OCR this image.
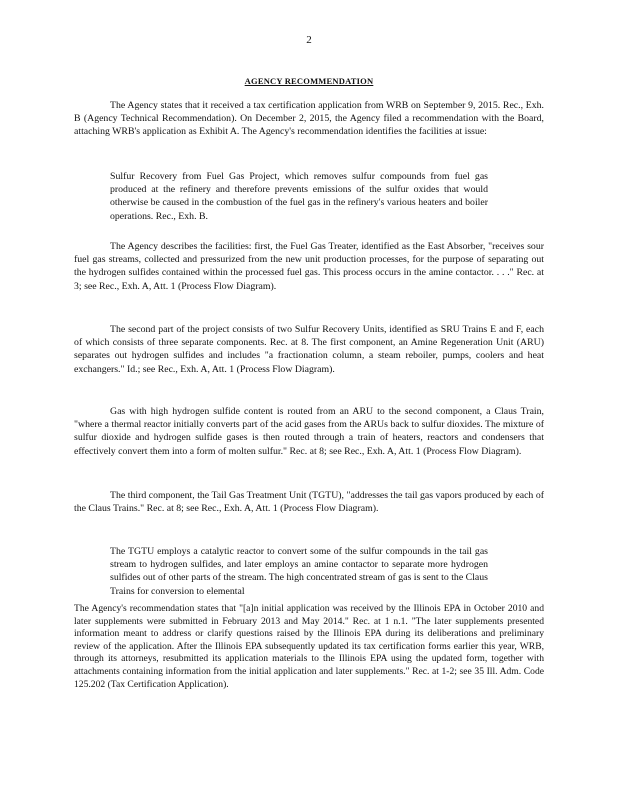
2
AGENCY RECOMMENDATION

The Agency states that it received a tax certification application from WRB on September 9, 2015. Rec., Exh. B (Agency Technical Recommendation). On December 2, 2015, the Agency filed a recommendation with the Board, attaching WRB's application as Exhibit A. The Agency's recommendation identifies the facilities at issue:

Sulfur Recovery from Fuel Gas Project, which removes sulfur compounds from fuel gas produced at the refinery and therefore prevents emissions of the sulfur oxides that would otherwise be caused in the combustion of the fuel gas in the refinery's various heaters and boiler operations. Rec., Exh. B.

The Agency describes the facilities: first, the Fuel Gas Treater, identified as the East Absorber, "receives sour fuel gas streams, collected and pressurized from the new unit production processes, for the purpose of separating out the hydrogen sulfides contained within the processed fuel gas. This process occurs in the amine contactor. . . ." Rec. at 3; see Rec., Exh. A, Att. 1 (Process Flow Diagram).

The second part of the project consists of two Sulfur Recovery Units, identified as SRU Trains E and F, each of which consists of three separate components. Rec. at 8. The first component, an Amine Regeneration Unit (ARU) separates out hydrogen sulfides and includes "a fractionation column, a steam reboiler, pumps, coolers and heat exchangers." Id.; see Rec., Exh. A, Att. 1 (Process Flow Diagram).

Gas with high hydrogen sulfide content is routed from an ARU to the second component, a Claus Train, "where a thermal reactor initially converts part of the acid gases from the ARUs back to sulfur dioxides. The mixture of sulfur dioxide and hydrogen sulfide gases is then routed through a train of heaters, reactors and condensers that effectively convert them into a form of molten sulfur." Rec. at 8; see Rec., Exh. A, Att. 1 (Process Flow Diagram).

The third component, the Tail Gas Treatment Unit (TGTU), "addresses the tail gas vapors produced by each of the Claus Trains." Rec. at 8; see Rec., Exh. A, Att. 1 (Process Flow Diagram).

The TGTU employs a catalytic reactor to convert some of the sulfur compounds in the tail gas stream to hydrogen sulfides, and later employs an amine contactor to separate more hydrogen sulfides out of other parts of the stream. The high concentrated stream of gas is sent to the Claus Trains for conversion to elemental

The Agency's recommendation states that "[a]n initial application was received by the Illinois EPA in October 2010 and later supplements were submitted in February 2013 and May 2014." Rec. at 1 n.1. "The later supplements presented information meant to address or clarify questions raised by the Illinois EPA during its deliberations and preliminary review of the application. After the Illinois EPA subsequently updated its tax certification forms earlier this year, WRB, through its attorneys, resubmitted its application materials to the Illinois EPA using the updated form, together with attachments containing information from the initial application and later supplements." Rec. at 1-2; see 35 Ill. Adm. Code 125.202 (Tax Certification Application).
